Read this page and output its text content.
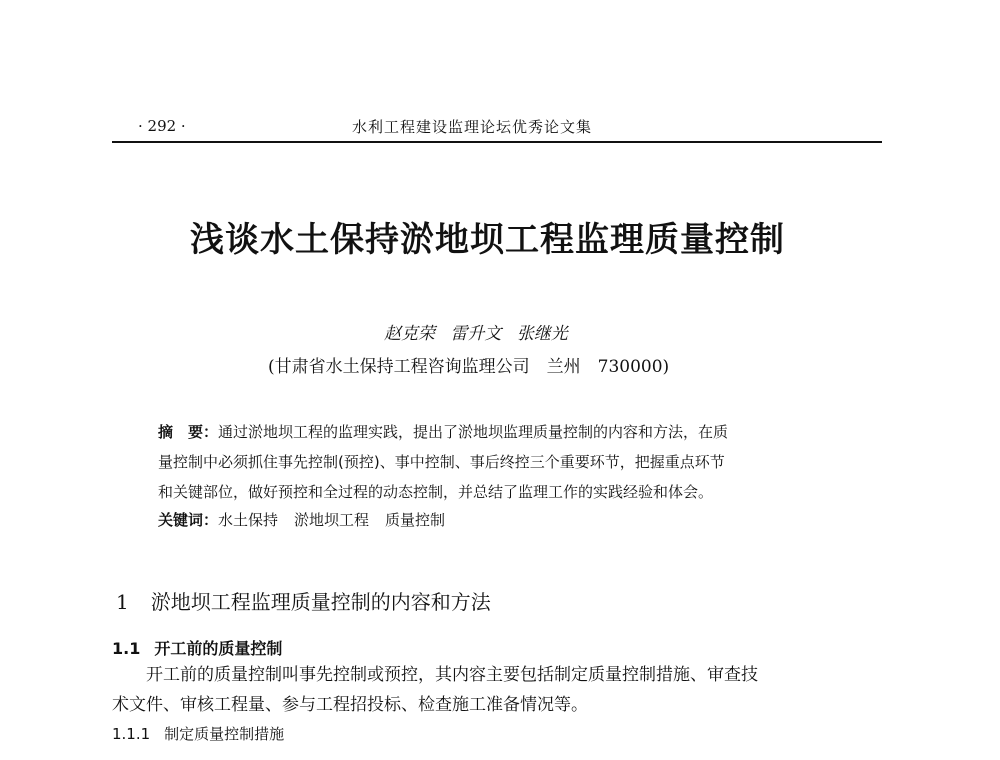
· 292 ·	水利工程建设监理论坛优秀论文集
浅谈水土保持淤地坝工程监理质量控制
赵克荣 雷升文 张继光
(甘肃省水土保持工程咨询监理公司　兰州　730000)
摘　要：通过淤地坝工程的监理实践，提出了淤地坝监理质量控制的内容和方法，在质
量控制中必须抓住事先控制(预控)、事中控制、事后终控三个重要环节，把握重点环节
和关键部位，做好预控和全过程的动态控制，并总结了监理工作的实践经验和体会。
关键词：水土保持 淤地坝工程 质量控制
1 淤地坝工程监理质量控制的内容和方法
1.1 开工前的质量控制
开工前的质量控制叫事先控制或预控，其内容主要包括制定质量控制措施、审查技
术文件、审核工程量、参与工程招投标、检查施工准备情况等。
1.1.1 制定质量控制措施
